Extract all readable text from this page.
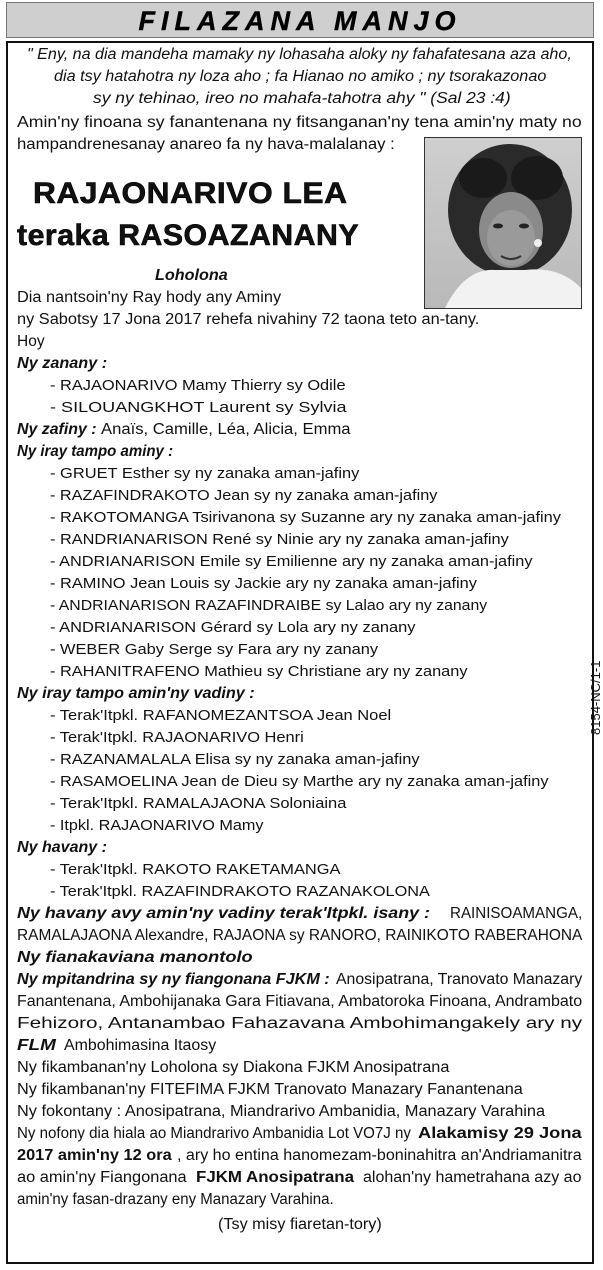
FILAZANA MANJO
" Eny, na dia mandeha mamaky ny lohasaha aloky ny fahafatesana aza aho,
dia tsy hatahotra ny loza aho ; fa Hianao no amiko ; ny tsorakazonao
sy ny tehinao, ireo no mahafa-tahotra ahy " (Sal 23 :4)
Amin'ny finoana sy fanantenana ny fitsanganan'ny tena amin'ny maty no
hampandrenesanay anareo fa ny hava-malalanay :
RAJAONARIVO LEA
teraka RASOAZANANY
Loholona
Dia nantsoin'ny Ray hody any Aminy
ny Sabotsy 17 Jona 2017 rehefa nivahiny 72 taona teto an-tany.
Hoy
Ny zanany :
- RAJAONARIVO Mamy Thierry sy Odile
- SILOUANGKHOT Laurent sy Sylvia
Ny zafiny : Anaïs, Camille, Léa, Alicia, Emma
Ny iray tampo aminy :
- GRUET Esther sy ny zanaka aman-jafiny
- RAZAFINDRAKOTO Jean sy ny zanaka aman-jafiny
- RAKOTOMANGA Tsirivanona sy Suzanne ary ny zanaka aman-jafiny
- RANDRIANARISON René sy Ninie ary ny zanaka aman-jafiny
- ANDRIANARISON Emile sy Emilienne ary ny zanaka aman-jafiny
- RAMINO Jean Louis sy Jackie ary ny zanaka aman-jafiny
- ANDRIANARISON RAZAFINDRAIBE sy Lalao ary ny zanany
- ANDRIANARISON Gérard sy Lola ary ny zanany
- WEBER Gaby Serge sy Fara ary ny zanany
- RAHANITRAFENO Mathieu sy Christiane ary ny zanany
Ny iray tampo amin'ny vadiny :
- Terak'Itpkl. RAFANOMEZANTSOA Jean Noel
- Terak'Itpkl. RAJAONARIVO Henri
- RAZANAMALALA Elisa sy ny zanaka aman-jafiny
- RASAMOELINA Jean de Dieu sy Marthe ary ny zanaka aman-jafiny
- Terak'Itpkl. RAMALAJAONA Soloniaina
- Itpkl. RAJAONARIVO Mamy
Ny havany :
- Terak'Itpkl. RAKOTO RAKETAMANGA
- Terak'Itpkl. RAZAFINDRAKOTO RAZANAKOLONA
Ny havany avy amin'ny vadiny terak'Itpkl. isany : RAINISOAMANGA,
RAMALAJAONA Alexandre, RAJAONA sy RANORO, RAINIKOTO RABERAHONA
Ny fianakaviana manontolo
Ny mpitandrina sy ny fiangonana FJKM : Anosipatrana, Tranovato Manazary
Fanantenana, Ambohijanaka Gara Fitiavana, Ambatoroka Finoana, Andrambato
Fehizoro, Antanambao Fahazavana Ambohimangakely ary ny
FLM Ambohimasina Itaosy
Ny fikambanan'ny Loholona sy Diakona FJKM Anosipatrana
Ny fikambanan'ny FITEFIMA FJKM Tranovato Manazary Fanantenana
Ny fokontany : Anosipatrana, Miandrarivo Ambanidia, Manazary Varahina
Ny nofony dia hiala ao Miandrarivo Ambanidia Lot VO7J ny Alakamisy 29 Jona
2017 amin'ny 12 ora , ary ho entina hanomezam-boninahitra an'Andriamanitra
ao amin'ny Fiangonana FJKM Anosipatrana alohan'ny hametrahana azy ao
amin'ny fasan-drazany eny Manazary Varahina.
(Tsy misy fiaretan-tory)
8154-NC/1-1
